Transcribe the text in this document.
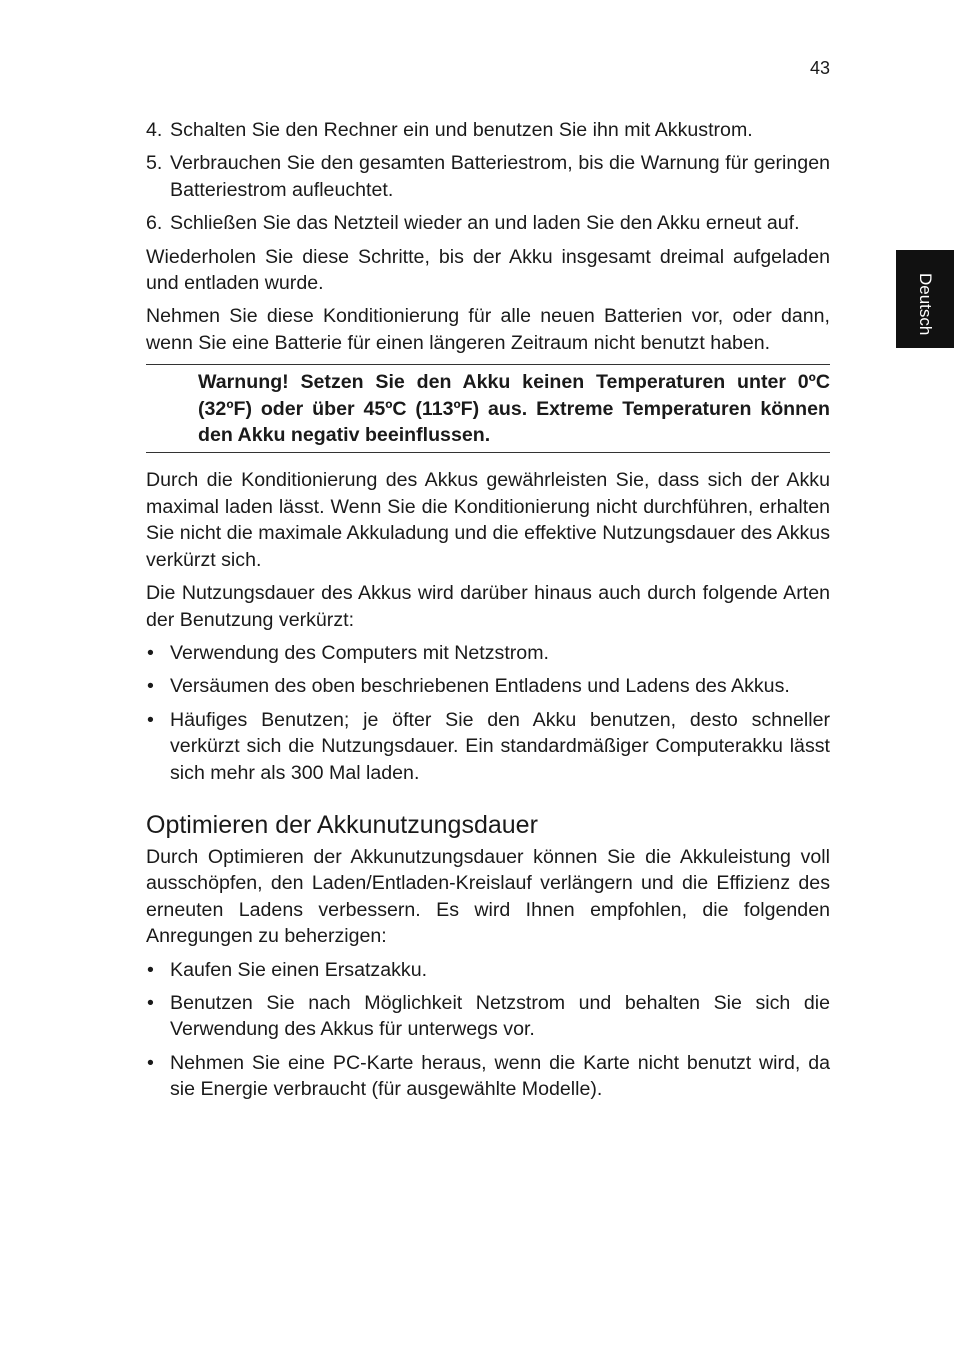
43
Deutsch
4. Schalten Sie den Rechner ein und benutzen Sie ihn mit Akkustrom.
5. Verbrauchen Sie den gesamten Batteriestrom, bis die Warnung für geringen Batteriestrom aufleuchtet.
6. Schließen Sie das Netzteil wieder an und laden Sie den Akku erneut auf.

Wiederholen Sie diese Schritte, bis der Akku insgesamt dreimal aufgeladen und entladen wurde.

Nehmen Sie diese Konditionierung für alle neuen Batterien vor, oder dann, wenn Sie eine Batterie für einen längeren Zeitraum nicht benutzt haben.

Warnung! Setzen Sie den Akku keinen Temperaturen unter 0ºC (32ºF) oder über 45ºC (113ºF) aus. Extreme Temperaturen können den Akku negativ beeinflussen.

Durch die Konditionierung des Akkus gewährleisten Sie, dass sich der Akku maximal laden lässt. Wenn Sie die Konditionierung nicht durchführen, erhalten Sie nicht die maximale Akkuladung und die effektive Nutzungsdauer des Akkus verkürzt sich.

Die Nutzungsdauer des Akkus wird darüber hinaus auch durch folgende Arten der Benutzung verkürzt:

• Verwendung des Computers mit Netzstrom.
• Versäumen des oben beschriebenen Entladens und Ladens des Akkus.
• Häufiges Benutzen; je öfter Sie den Akku benutzen, desto schneller verkürzt sich die Nutzungsdauer. Ein standardmäßiger Computerakku lässt sich mehr als 300 Mal laden.
Optimieren der Akkunutzungsdauer

Durch Optimieren der Akkunutzungsdauer können Sie die Akkuleistung voll ausschöpfen, den Laden/Entladen-Kreislauf verlängern und die Effizienz des erneuten Ladens verbessern. Es wird Ihnen empfohlen, die folgenden Anregungen zu beherzigen:

• Kaufen Sie einen Ersatzakku.
• Benutzen Sie nach Möglichkeit Netzstrom und behalten Sie sich die Verwendung des Akkus für unterwegs vor.
• Nehmen Sie eine PC-Karte heraus, wenn die Karte nicht benutzt wird, da sie Energie verbraucht (für ausgewählte Modelle).
